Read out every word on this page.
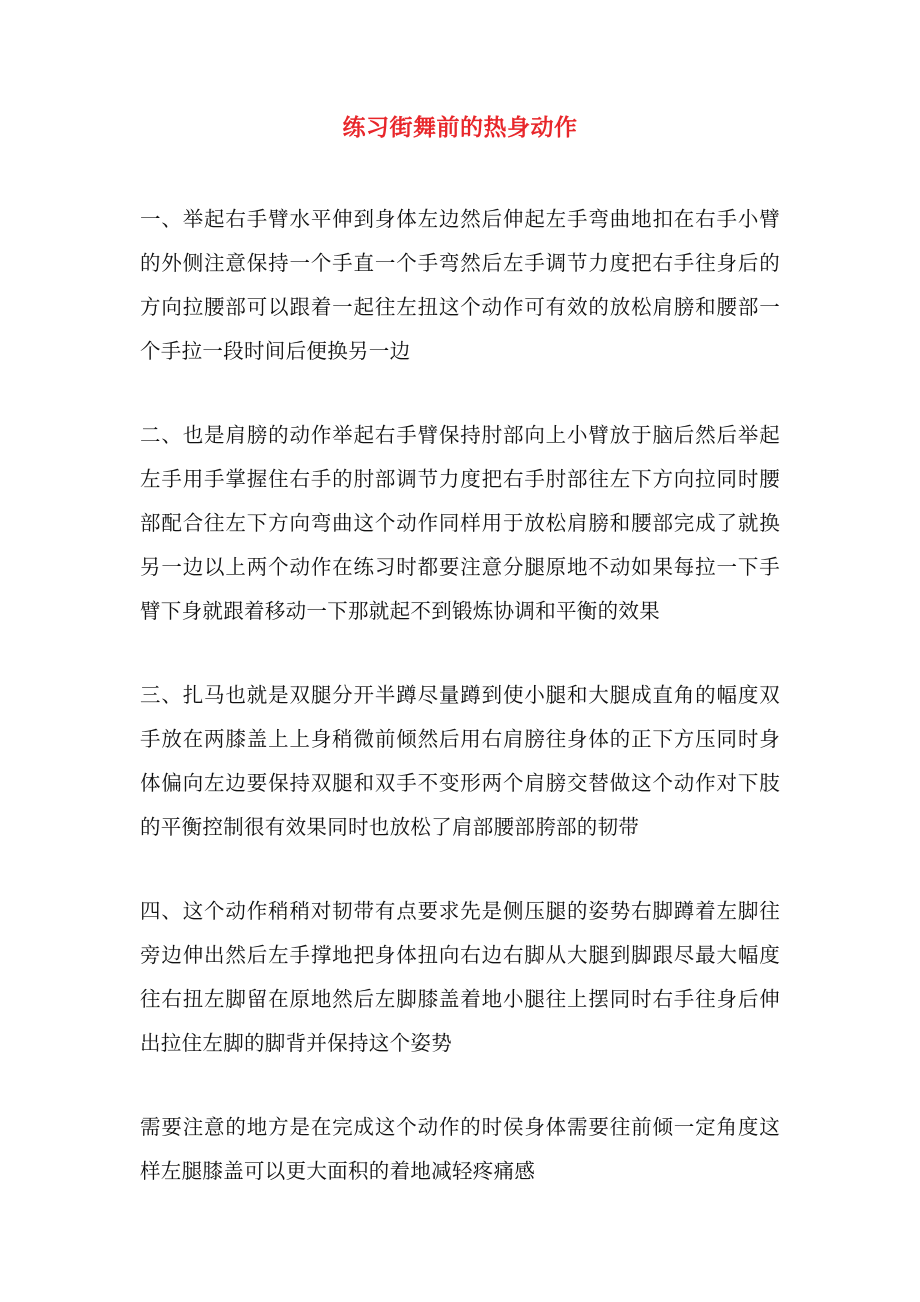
练习街舞前的热身动作

一、举起右手臂水平伸到身体左边然后伸起左手弯曲地扣在右手小臂的外侧注意保持一个手直一个手弯然后左手调节力度把右手往身后的方向拉腰部可以跟着一起往左扭这个动作可有效的放松肩膀和腰部一个手拉一段时间后便换另一边

二、也是肩膀的动作举起右手臂保持肘部向上小臂放于脑后然后举起左手用手掌握住右手的肘部调节力度把右手肘部往左下方向拉同时腰部配合往左下方向弯曲这个动作同样用于放松肩膀和腰部完成了就换另一边以上两个动作在练习时都要注意分腿原地不动如果每拉一下手臂下身就跟着移动一下那就起不到锻炼协调和平衡的效果

三、扎马也就是双腿分开半蹲尽量蹲到使小腿和大腿成直角的幅度双手放在两膝盖上上身稍微前倾然后用右肩膀往身体的正下方压同时身体偏向左边要保持双腿和双手不变形两个肩膀交替做这个动作对下肢的平衡控制很有效果同时也放松了肩部腰部胯部的韧带

四、这个动作稍稍对韧带有点要求先是侧压腿的姿势右脚蹲着左脚往旁边伸出然后左手撑地把身体扭向右边右脚从大腿到脚跟尽最大幅度往右扭左脚留在原地然后左脚膝盖着地小腿往上摆同时右手往身后伸出拉住左脚的脚背并保持这个姿势

需要注意的地方是在完成这个动作的时侯身体需要往前倾一定角度这样左腿膝盖可以更大面积的着地减轻疼痛感
